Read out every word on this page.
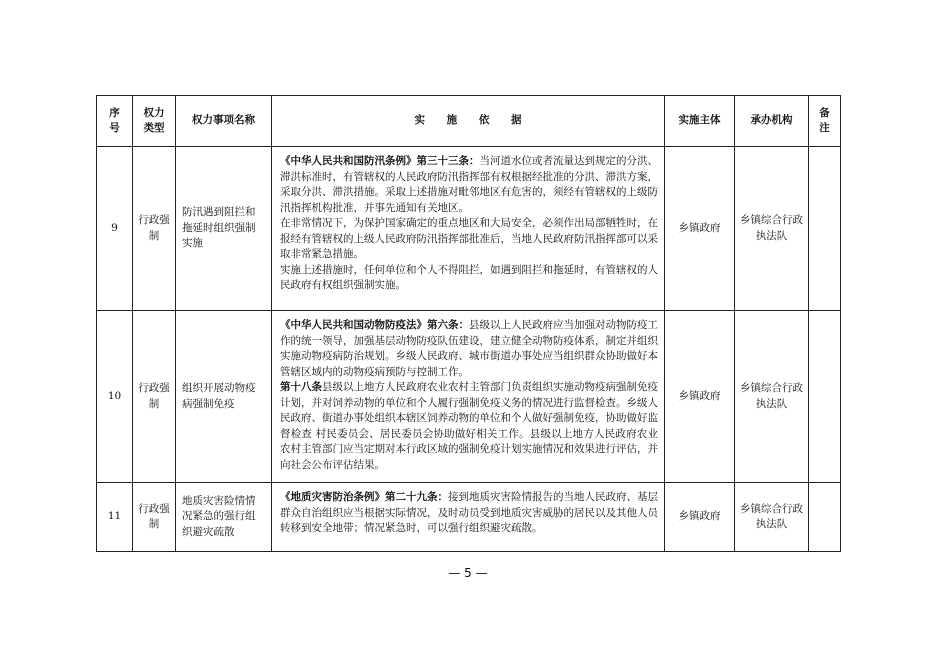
序号	权力类型	权力事项名称	实 施 依 据	实施主体	承办机构	备注
9	行政强制	防汛遇到阻拦和拖延时组织强制实施	《中华人民共和国防汛条例》第三十三条：当河道水位或者流量达到规定的分洪、滞洪标准时，有管辖权的人民政府防汛指挥部有权根据经批准的分洪、滞洪方案，采取分洪、滞洪措施。采取上述措施对毗邻地区有危害的，须经有管辖权的上级防汛指挥机构批准，并事先通知有关地区。

在非常情况下，为保护国家确定的重点地区和大局安全，必须作出局部牺牲时，在报经有管辖权的上级人民政府防汛指挥部批准后，当地人民政府防汛指挥部可以采取非常紧急措施。

实施上述措施时，任何单位和个人不得阻拦，如遇到阻拦和拖延时，有管辖权的人民政府有权组织强制实施。	乡镇政府	乡镇综合行政执法队	
10	行政强制	组织开展动物疫病强制免疫	《中华人民共和国动物防疫法》第六条：县级以上人民政府应当加强对动物防疫工作的统一领导，加强基层动物防疫队伍建设，建立健全动物防疫体系，制定并组织实施动物疫病防治规划。乡级人民政府、城市街道办事处应当组织群众协助做好本管辖区域内的动物疫病预防与控制工作。

第十八条县级以上地方人民政府农业农村主管部门负责组织实施动物疫病强制免疫计划，并对饲养动物的单位和个人履行强制免疫义务的情况进行监督检查。乡级人民政府、街道办事处组织本辖区饲养动物的单位和个人做好强制免疫，协助做好监督检查 村民委员会、居民委员会协助做好相关工作。县级以上地方人民政府农业农村主管部门应当定期对本行政区域的强制免疫计划实施情况和效果进行评估，并向社会公布评估结果。	乡镇政府	乡镇综合行政执法队	
11	行政强制	地质灾害险情情况紧急的强行组织避灾疏散	《地质灾害防治条例》第二十九条：接到地质灾害险情报告的当地人民政府、基层群众自治组织应当根据实际情况，及时动员受到地质灾害威胁的居民以及其他人员转移到安全地带；情况紧急时，可以强行组织避灾疏散。	乡镇政府	乡镇综合行政执法队	
— 5 —
